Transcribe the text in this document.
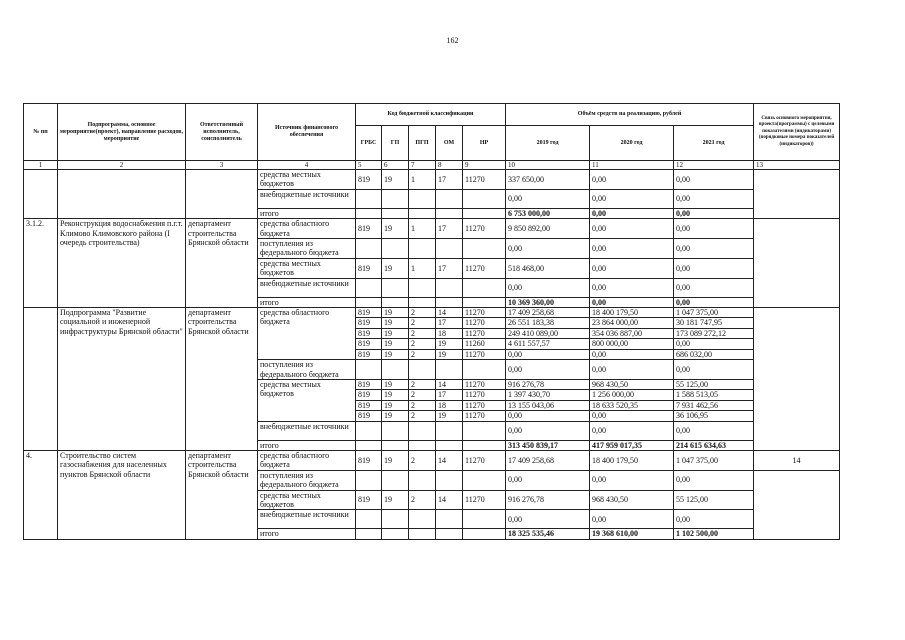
162
№ пп	Подпрограмма, основное мероприятие(проект), направление расходов, мероприятие	Ответственный исполнитель, соисполнитель	Источник финансового обеспечения	Код бюджетной классификации					Объём средств на реализацию, рублей			Связь основного мероприятия, проекта(программы) с целевыми показателями (индикаторами) (порядковые номера показателей (индикаторов))
				ГРБС	ГП	ПГП	ОМ	НР	2019 год	2020 год	2021 год	
1	2	3	4	5	6	7	8	9	10	11	12	13
			средства местных бюджетов	819	19	1	17	11270	337 650,00	0,00	0,00	
			внебюджетные источники						0,00	0,00	0,00	
			итого						6 753 000,00	0,00	0,00	
3.1.2.	Реконструкция водоснабжения п.г.т. Климово Климовского района (I очередь строительства)	департамент строительства Брянской области	средства областного бюджета	819	19	1	17	11270	9 850 892,00	0,00	0,00	
			поступления из федерального бюджета						0,00	0,00	0,00	
			средства местных бюджетов	819	19	1	17	11270	518 468,00	0,00	0,00	
			внебюджетные источники						0,00	0,00	0,00	
			итого						10 369 360,00	0,00	0,00	
	Подпрограмма "Развитие социальной и инженерной инфраструктуры Брянской области"	департамент строительства Брянской области	средства областного бюджета	819	19	2	14	11270	17 409 258,68	18 400 179,50	1 047 375,00	
				819	19	2	17	11270	26 551 183,38	23 864 000,00	30 181 747,95	
				819	19	2	18	11270	249 410 089,00	354 036 887,00	173 089 272,12	
				819	19	2	19	11260	4 611 557,57	800 000,00	0,00	
				819	19	2	19	11270	0,00	0,00	686 032,00	
			поступления из федерального бюджета						0,00	0,00	0,00	
			средства местных бюджетов	819	19	2	14	11270	916 276,78	968 430,50	55 125,00	
				819	19	2	17	11270	1 397 430,70	1 256 000,00	1 588 513,05	
				819	19	2	18	11270	13 155 043,06	18 633 520,35	7 931 462,56	
				819	19	2	19	11270	0,00	0,00	36 106,95	
			внебюджетные источники						0,00	0,00	0,00	
			итого						313 450 839,17	417 959 017,35	214 615 634,63	
4.	Строительство систем газоснабжения для населенных пунктов Брянской области	департамент строительства Брянской области	средства областного бюджета	819	19	2	14	11270	17 409 258,68	18 400 179,50	1 047 375,00	14
			поступления из федерального бюджета						0,00	0,00	0,00	
			средства местных бюджетов	819	19	2	14	11270	916 276,78	968 430,50	55 125,00	
			внебюджетные источники						0,00	0,00	0,00	
			итого						18 325 535,46	19 368 610,00	1 102 500,00	
